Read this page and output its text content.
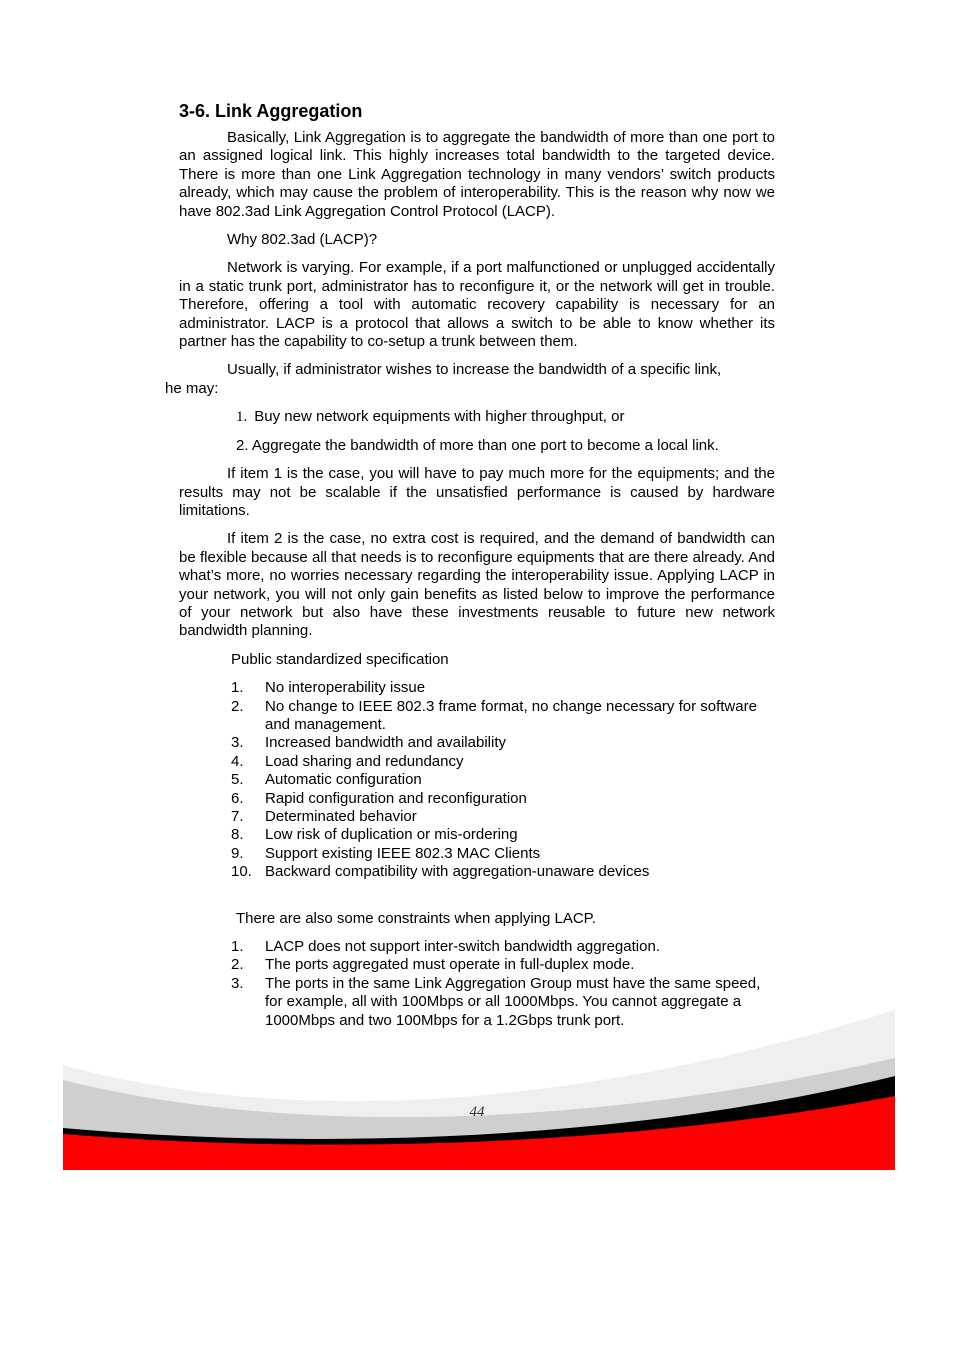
3-6. Link Aggregation

Basically, Link Aggregation is to aggregate the bandwidth of more than one port to an assigned logical link. This highly increases total bandwidth to the targeted device. There is more than one Link Aggregation technology in many vendors’ switch products already, which may cause the problem of interoperability. This is the reason why now we have 802.3ad Link Aggregation Control Protocol (LACP).

Why 802.3ad (LACP)?

Network is varying. For example, if a port malfunctioned or unplugged accidentally in a static trunk port, administrator has to reconfigure it, or the network will get in trouble. Therefore, offering a tool with automatic recovery capability is necessary for an administrator. LACP is a protocol that allows a switch to be able to know whether its partner has the capability to co-setup a trunk between them.

Usually, if administrator wishes to increase the bandwidth of a specific link,
he may:

1. Buy new network equipments with higher throughput, or
2. Aggregate the bandwidth of more than one port to become a local link.

If item 1 is the case, you will have to pay much more for the equipments; and the results may not be scalable if the unsatisfied performance is caused by hardware limitations.

If item 2 is the case, no extra cost is required, and the demand of bandwidth can be flexible because all that needs is to reconfigure equipments that are there already. And what’s more, no worries necessary regarding the interoperability issue. Applying LACP in your network, you will not only gain benefits as listed below to improve the performance of your network but also have these investments reusable to future new network bandwidth planning.

Public standardized specification
1.	No interoperability issue
2.	No change to IEEE 802.3 frame format, no change necessary for software and management.
3.	Increased bandwidth and availability
4.	Load sharing and redundancy
5.	Automatic configuration
6.	Rapid configuration and reconfiguration
7.	Determinated behavior
8.	Low risk of duplication or mis-ordering
9.	Support existing IEEE 802.3 MAC Clients
10. Backward compatibility with aggregation-unaware devices
There are also some constraints when applying LACP.
1.	LACP does not support inter-switch bandwidth aggregation.
2.	The ports aggregated must operate in full-duplex mode.
3.	The ports in the same Link Aggregation Group must have the same speed, for example, all with 100Mbps or all 1000Mbps. You cannot aggregate a 1000Mbps and two 100Mbps for a 1.2Gbps trunk port.
44
